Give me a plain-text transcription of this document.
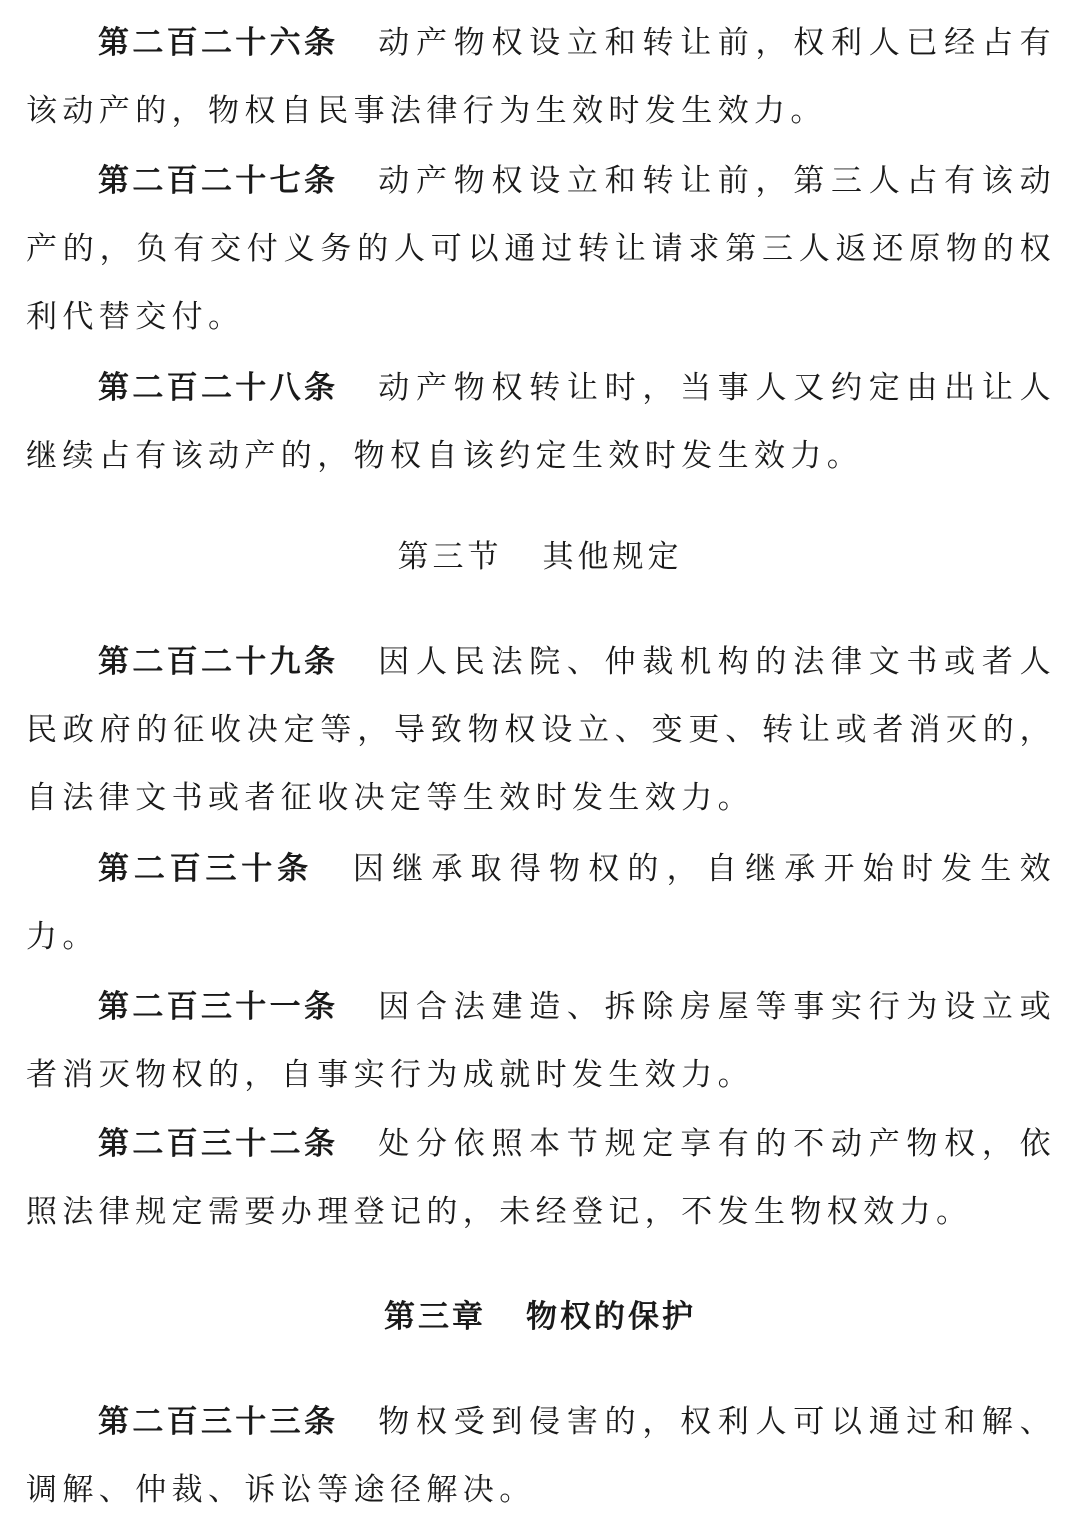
第二百二十六条 动产物权设立和转让前，权利人已经占有该动产的，物权自民事法律行为生效时发生效力。

第二百二十七条 动产物权设立和转让前，第三人占有该动产的，负有交付义务的人可以通过转让请求第三人返还原物的权利代替交付。

第二百二十八条 动产物权转让时，当事人又约定由出让人继续占有该动产的，物权自该约定生效时发生效力。

第三节 其他规定

第二百二十九条 因人民法院、仲裁机构的法律文书或者人民政府的征收决定等，导致物权设立、变更、转让或者消灭的，自法律文书或者征收决定等生效时发生效力。

第二百三十条 因继承取得物权的，自继承开始时发生效力。

第二百三十一条 因合法建造、拆除房屋等事实行为设立或者消灭物权的，自事实行为成就时发生效力。

第二百三十二条 处分依照本节规定享有的不动产物权，依照法律规定需要办理登记的，未经登记，不发生物权效力。

第三章 物权的保护

第二百三十三条 物权受到侵害的，权利人可以通过和解、调解、仲裁、诉讼等途径解决。
